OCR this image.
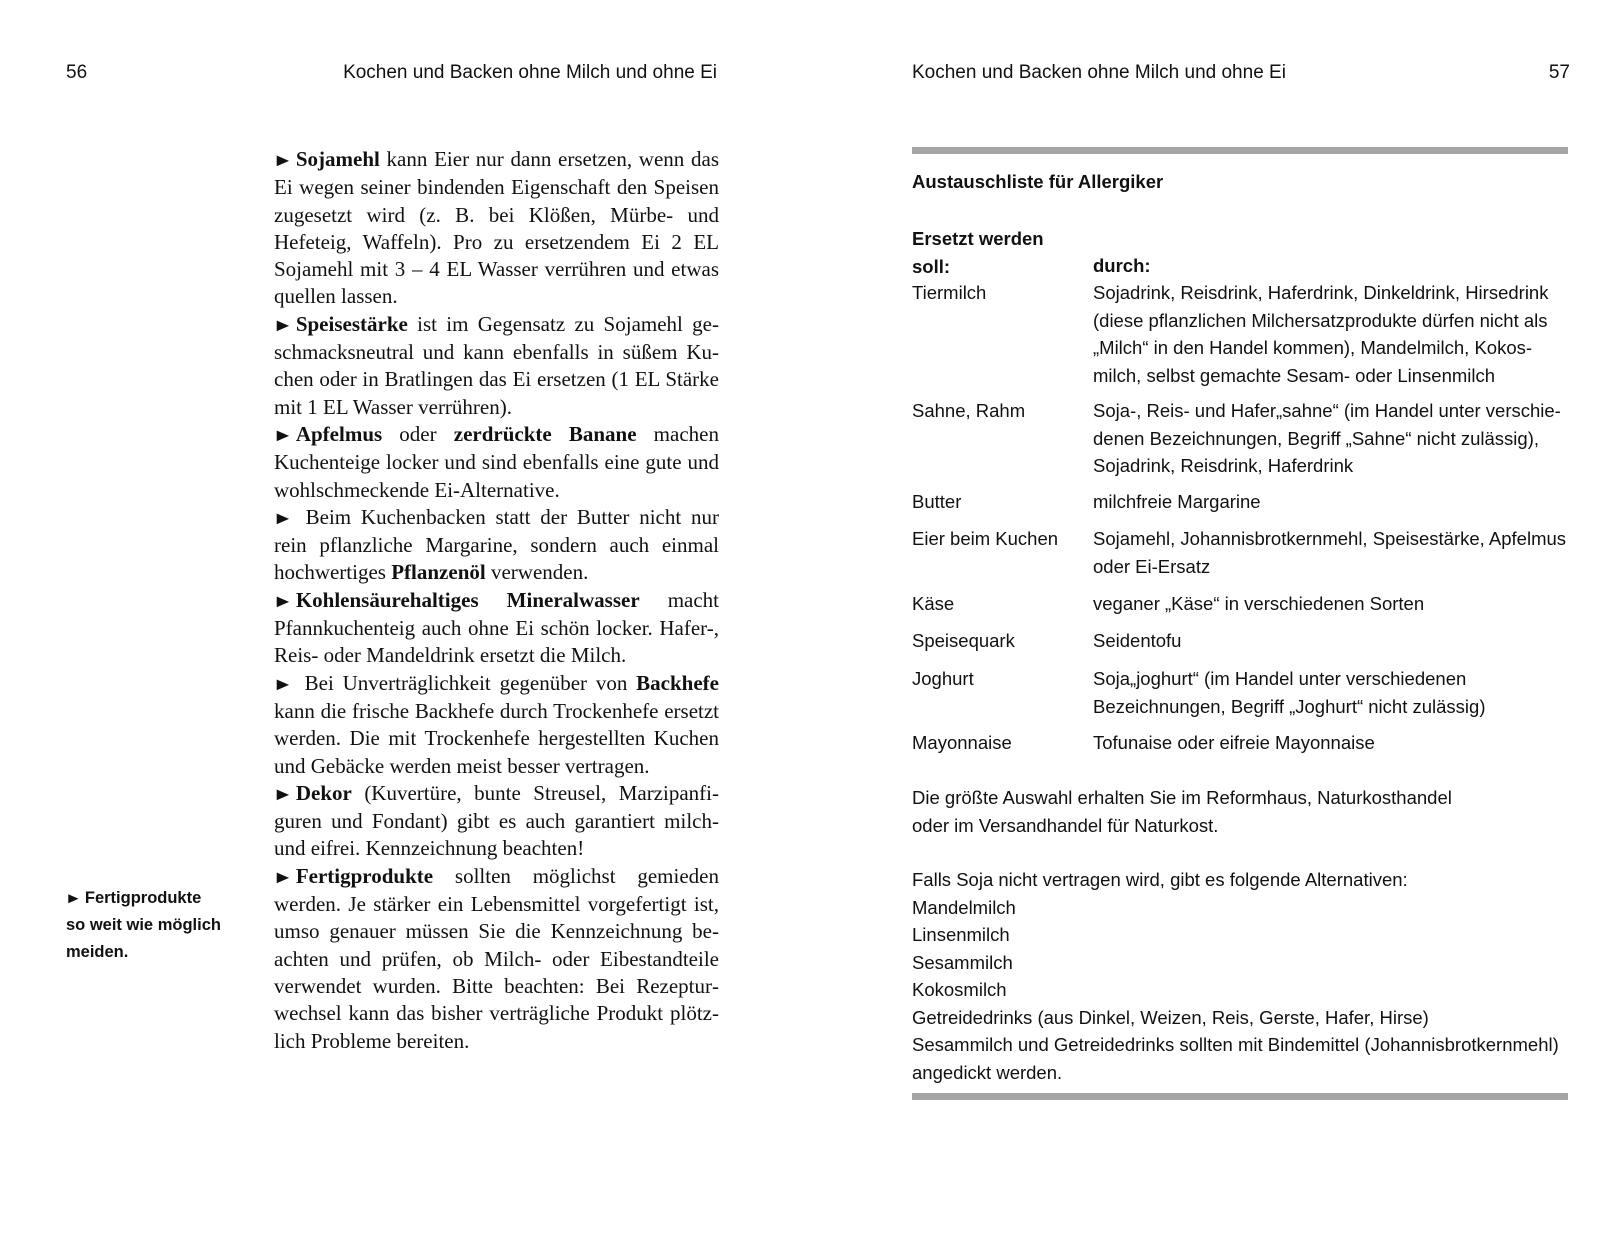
56	Kochen und Backen ohne Milch und ohne Ei	Kochen und Backen ohne Milch und ohne Ei	57

► Sojamehl kann Eier nur dann ersetzen, wenn das Ei wegen seiner bindenden Eigenschaft den Speisen zugesetzt wird (z. B. bei Klößen, Mürbe- und Hefeteig, Waffeln). Pro zu ersetzendem Ei 2 EL Sojamehl mit 3 – 4 EL Wasser verrühren und etwas quellen lassen.

► Speisestärke ist im Gegensatz zu Sojamehl geschmacksneutral und kann ebenfalls in süßem Kuchen oder in Bratlingen das Ei ersetzen (1 EL Stärke mit 1 EL Wasser verrühren).

► Apfelmus oder zerdrückte Banane machen Kuchenteige locker und sind ebenfalls eine gute und wohlschmeckende Ei-Alternative.

► Beim Kuchenbacken statt der Butter nicht nur rein pflanzliche Margarine, sondern auch einmal hochwertiges Pflanzenöl verwenden.

► Kohlensäurehaltiges Mineralwasser macht Pfannkuchenteig auch ohne Ei schön locker. Hafer-, Reis- oder Mandeldrink ersetzt die Milch.

► Bei Unverträglichkeit gegenüber von Backhefe kann die frische Backhefe durch Trockenhefe ersetzt werden. Die mit Trockenhefe hergestellten Kuchen und Gebäcke werden meist besser vertragen.

► Dekor (Kuvertüre, bunte Streusel, Marzipanfiguren und Fondant) gibt es auch garantiert milch- und eifrei. Kennzeichnung beachten!

► Fertigprodukte sollten möglichst gemieden werden. Je stärker ein Lebensmittel vorgefertigt ist, umso genauer müssen Sie die Kennzeichnung beachten und prüfen, ob Milch- oder Eibestandteile verwendet wurden. Bitte beachten: Bei Rezepturwechsel kann das bisher verträgliche Produkt plötzlich Probleme bereiten.

► Fertigprodukte
so weit wie möglich
meiden.
Austauschliste für Allergiker
Ersetzt werden
soll:	durch:
Tiermilch	Sojadrink, Reisdrink, Haferdrink, Dinkeldrink, Hirsedrink
(diese pflanzlichen Milchersatzprodukte dürfen nicht als
„Milch“ in den Handel kommen), Mandelmilch, Kokos-
milch, selbst gemachte Sesam- oder Linsenmilch
Sahne, Rahm	Soja-, Reis- und Hafer„sahne“ (im Handel unter verschie-
denen Bezeichnungen, Begriff „Sahne“ nicht zulässig),
Sojadrink, Reisdrink, Haferdrink
Butter	milchfreie Margarine
Eier beim Kuchen	Sojamehl, Johannisbrotkernmehl, Speisestärke, Apfelmus
oder Ei-Ersatz
Käse	veganer „Käse“ in verschiedenen Sorten
Speisequark	Seidentofu
Joghurt	Soja„joghurt“ (im Handel unter verschiedenen
Bezeichnungen, Begriff „Joghurt“ nicht zulässig)
Mayonnaise	Tofunaise oder eifreie Mayonnaise
Die größte Auswahl erhalten Sie im Reformhaus, Naturkosthandel
oder im Versandhandel für Naturkost.
Falls Soja nicht vertragen wird, gibt es folgende Alternativen:
Mandelmilch
Linsenmilch
Sesammilch
Kokosmilch
Getreidedrinks (aus Dinkel, Weizen, Reis, Gerste, Hafer, Hirse)
Sesammilch und Getreidedrinks sollten mit Bindemittel (Johannisbrotkernmehl)
angedickt werden.
